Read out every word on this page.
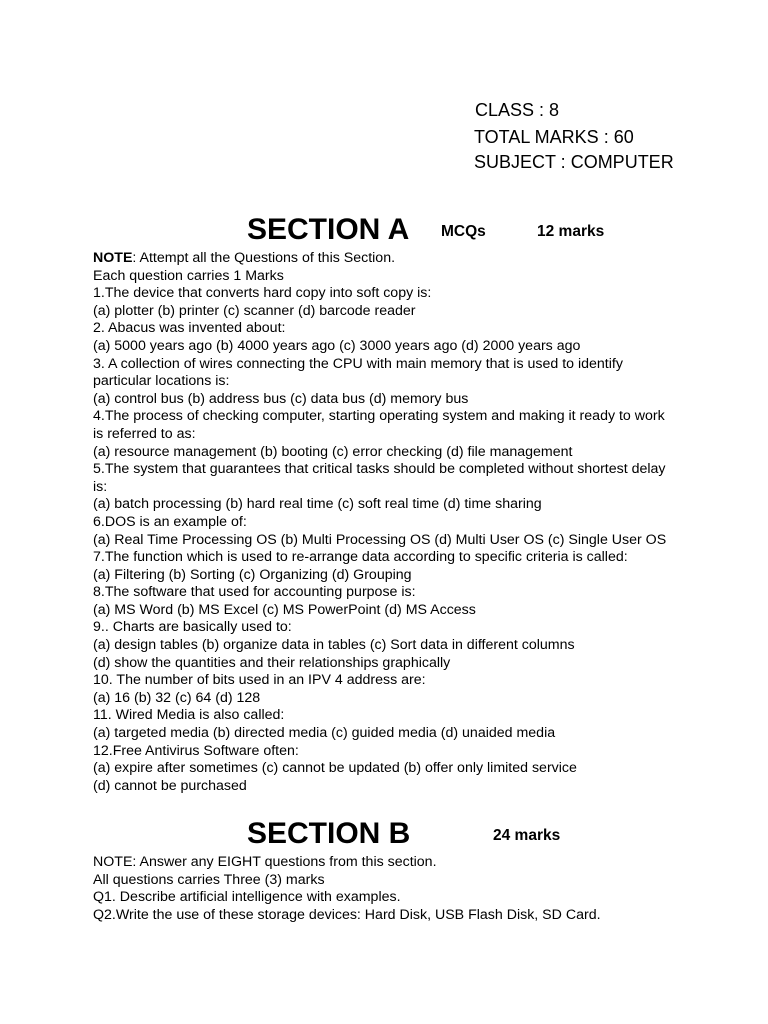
CLASS : 8
TOTAL MARKS : 60
SUBJECT : COMPUTER
SECTION A MCQs	12 marks
NOTE: Attempt all the Questions of this Section.
Each question carries 1 Marks
1.The device that converts hard copy into soft copy is:
(a) plotter (b) printer (c) scanner (d) barcode reader
2. Abacus was invented about:
(a) 5000 years ago (b) 4000 years ago (c) 3000 years ago (d) 2000 years ago
3. A collection of wires connecting the CPU with main memory that is used to identify
particular locations is:
(a) control bus (b) address bus (c) data bus (d) memory bus
4.The process of checking computer, starting operating system and making it ready to work
is referred to as:
(a) resource management (b) booting (c) error checking (d) file management
5.The system that guarantees that critical tasks should be completed without shortest delay
is:
(a) batch processing (b) hard real time (c) soft real time (d) time sharing
6.DOS is an example of:
(a) Real Time Processing OS (b) Multi Processing OS (d) Multi User OS (c) Single User OS
7.The function which is used to re-arrange data according to specific criteria is called:
(a) Filtering (b) Sorting (c) Organizing (d) Grouping
8.The software that used for accounting purpose is:
(a) MS Word (b) MS Excel (c) MS PowerPoint (d) MS Access
9.. Charts are basically used to:
(a) design tables (b) organize data in tables (c) Sort data in different columns
(d) show the quantities and their relationships graphically
10. The number of bits used in an IPV 4 address are:
(a) 16 (b) 32 (c) 64 (d) 128
11. Wired Media is also called:
(a) targeted media (b) directed media (c) guided media (d) unaided media
12.Free Antivirus Software often:
(a) expire after sometimes (c) cannot be updated (b) offer only limited service
(d) cannot be purchased
SECTION B	24 marks
NOTE: Answer any EIGHT questions from this section.
All questions carries Three (3) marks
Q1. Describe artificial intelligence with examples.
Q2.Write the use of these storage devices: Hard Disk, USB Flash Disk, SD Card.
